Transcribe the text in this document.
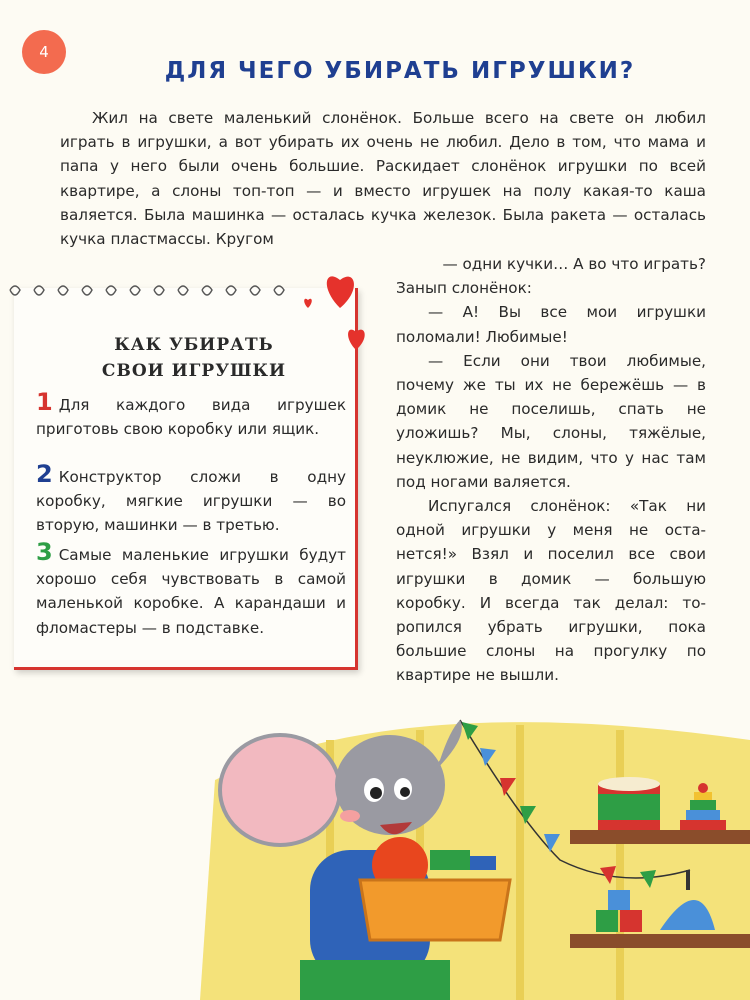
4
ДЛЯ ЧЕГО УБИРАТЬ ИГРУШКИ?

Жил на свете маленький слонёнок. Больше всего на свете он любил играть в игрушки, а вот убирать их очень не любил. Дело в том, что мама и папа у него были очень большие. Раскидает слонёнок игрушки по всей квартире, а слоны топ-топ — и вместо игрушек на полу какая-то каша валяется. Была машинка — осталась кучка железок. Была ракета — осталась кучка пластмассы. Кругом

— одни кучки… А во что играть?

Занып слонёнок:

— А! Вы все мои игрушки поломали! Любимые!

— Если они твои любимые, почему же ты их не бережёшь — в домик не поселишь, спать не уложишь? Мы, слоны, тяжёлые, неуклюжие, не видим, что у нас там под ногами валяется.

Испугался слонёнок: «Так ни одной игрушки у меня не оста-нется!» Взял и поселил все свои игрушки в домик — большую коробку. И всегда так делал: то-ропился убрать игрушки, пока большие слоны на прогулку по квартире не вышли.

КАК УБИРАТЬ
СВОИ ИГРУШКИ
1 Для каждого вида игрушек приготовь свою коробку или ящик.
2 Конструктор сложи в одну коробку, мягкие игрушки — во вторую, машинки — в третью.
3 Самые маленькие игрушки будут хорошо себя чувствовать в самой маленькой коробке. А карандаши и фломастеры — в подставке.
